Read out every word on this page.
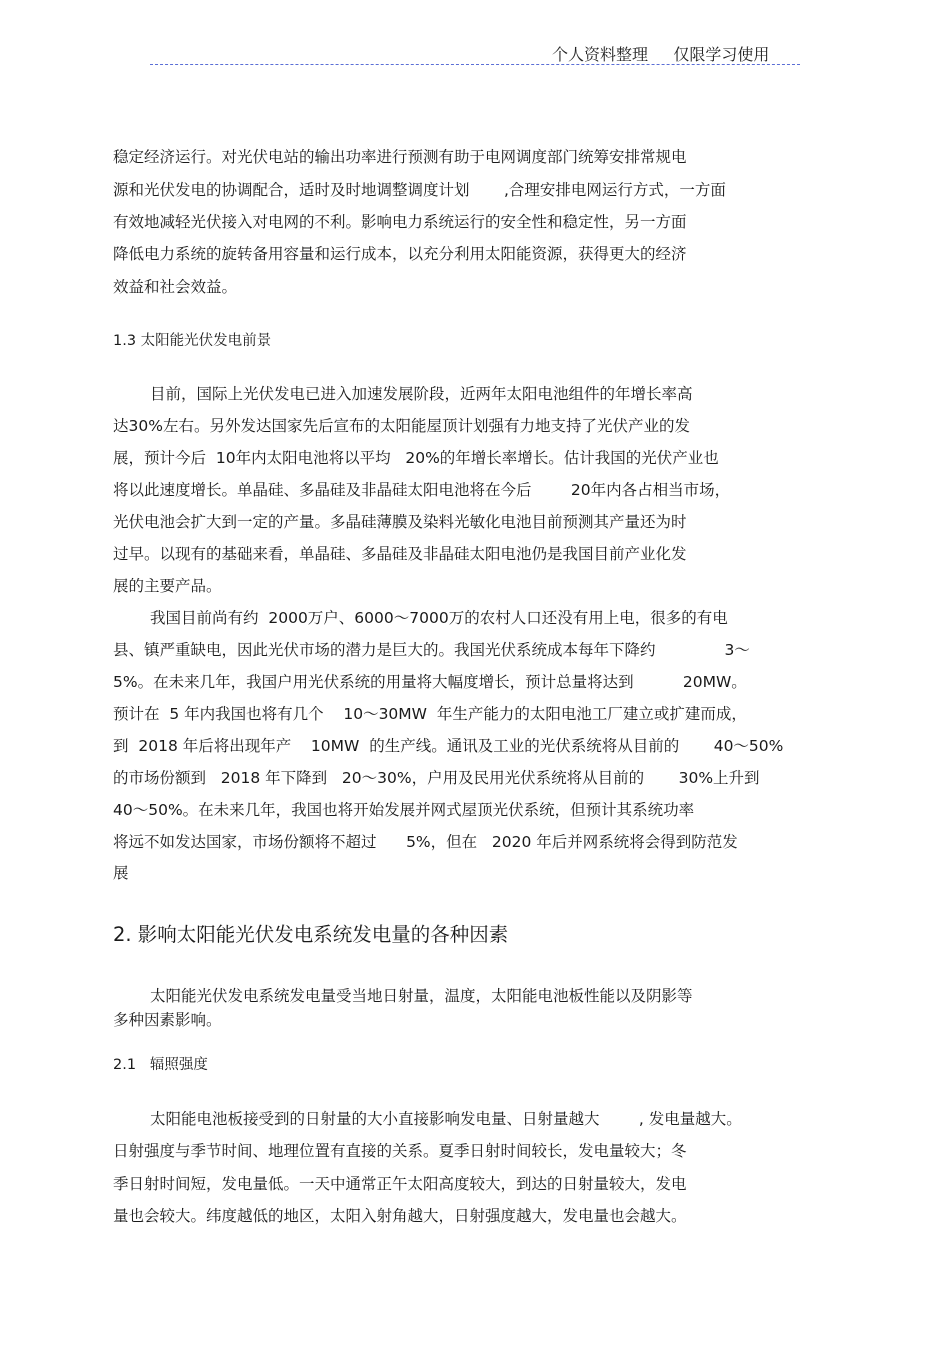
个人资料整理     仅限学习使用
稳定经济运行。对光伏电站的输出功率进行预测有助于电网调度部门统筹安排常规电
源和光伏发电的协调配合，适时及时地调整调度计划       ,合理安排电网运行方式，一方面
有效地减轻光伏接入对电网的不利。影响电力系统运行的安全性和稳定性，另一方面
降低电力系统的旋转备用容量和运行成本，以充分利用太阳能资源，获得更大的经济
效益和社会效益。
1.3 太阳能光伏发电前景
目前，国际上光伏发电已进入加速发展阶段，近两年太阳电池组件的年增长率高
达30%左右。另外发达国家先后宣布的太阳能屋顶计划强有力地支持了光伏产业的发
展，预计今后  10年内太阳电池将以平均   20%的年增长率增长。估计我国的光伏产业也
将以此速度增长。单晶硅、多晶硅及非晶硅太阳电池将在今后        20年内各占相当市场，
光伏电池会扩大到一定的产量。多晶硅薄膜及染料光敏化电池目前预测其产量还为时
过早。以现有的基础来看，单晶硅、多晶硅及非晶硅太阳电池仍是我国目前产业化发
展的主要产品。
我国目前尚有约  2000万户、6000～7000万的农村人口还没有用上电，很多的有电
县、镇严重缺电，因此光伏市场的潜力是巨大的。我国光伏系统成本每年下降约              3～
5%。在未来几年，我国户用光伏系统的用量将大幅度增长，预计总量将达到          20MW。
预计在  5 年内我国也将有几个    10～30MW  年生产能力的太阳电池工厂建立或扩建而成，
到  2018 年后将出现年产    10MW  的生产线。通讯及工业的光伏系统将从目前的       40～50%
的市场份额到   2018 年下降到   20～30%，户用及民用光伏系统将从目前的       30%上升到
40～50%。在未来几年，我国也将开始发展并网式屋顶光伏系统，但预计其系统功率
将远不如发达国家，市场份额将不超过      5%，但在   2020 年后并网系统将会得到防范发
展
2. 影响太阳能光伏发电系统发电量的各种因素
太阳能光伏发电系统发电量受当地日射量，温度，太阳能电池板性能以及阴影等
多种因素影响。
2.1   辐照强度
太阳能电池板接受到的日射量的大小直接影响发电量、日射量越大        , 发电量越大。
日射强度与季节时间、地理位置有直接的关系。夏季日射时间较长，发电量较大；冬
季日射时间短，发电量低。一天中通常正午太阳高度较大，到达的日射量较大，发电
量也会较大。纬度越低的地区，太阳入射角越大，日射强度越大，发电量也会越大。
